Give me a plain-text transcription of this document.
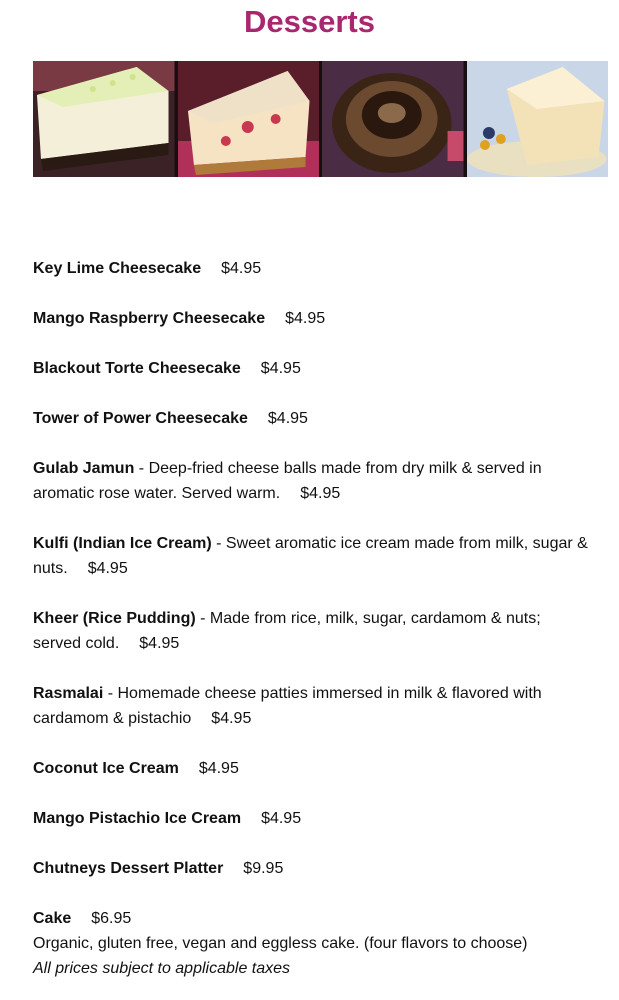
Desserts
Key Lime Cheesecake $4.95
Mango Raspberry Cheesecake $4.95
Blackout Torte Cheesecake $4.95
Tower of Power Cheesecake $4.95
Gulab Jamun - Deep-fried cheese balls made from dry milk & served in aromatic rose water. Served warm. $4.95
Kulfi (Indian Ice Cream) - Sweet aromatic ice cream made from milk, sugar & nuts. $4.95
Kheer (Rice Pudding) - Made from rice, milk, sugar, cardamom & nuts; served cold. $4.95
Rasmalai - Homemade cheese patties immersed in milk & flavored with cardamom & pistachio $4.95
Coconut Ice Cream $4.95
Mango Pistachio Ice Cream $4.95
Chutneys Dessert Platter $9.95
Cake $6.95
Organic, gluten free, vegan and eggless cake. (four flavors to choose)
All prices subject to applicable taxes
